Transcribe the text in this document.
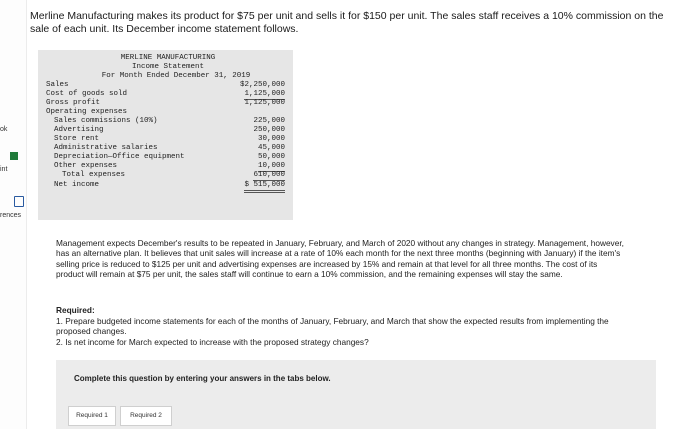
ok
int
rences
Merline Manufacturing makes its product for $75 per unit and sells it for $150 per unit. The sales staff receives a 10% commission on the sale of each unit. Its December income statement follows.
MERLINE MANUFACTURING
Income Statement
For Month Ended December 31, 2019
Sales	$2,250,000
Cost of goods sold	1,125,000
Gross profit	1,125,000
Operating expenses
Sales commissions (10%)	225,000
Advertising	250,000
Store rent	30,000
Administrative salaries	45,000
Depreciation—Office equipment	50,000
Other expenses	10,000
Total expenses	610,000
Net income	$ 515,000
Management expects December's results to be repeated in January, February, and March of 2020 without any changes in strategy. Management, however, has an alternative plan. It believes that unit sales will increase at a rate of 10% each month for the next three months (beginning with January) if the item's selling price is reduced to $125 per unit and advertising expenses are increased by 15% and remain at that level for all three months. The cost of its product will remain at $75 per unit, the sales staff will continue to earn a 10% commission, and the remaining expenses will stay the same.
Required:
1. Prepare budgeted income statements for each of the months of January, February, and March that show the expected results from implementing the proposed changes.
2. Is net income for March expected to increase with the proposed strategy changes?
Complete this question by entering your answers in the tabs below.
Required 1	Required 2
